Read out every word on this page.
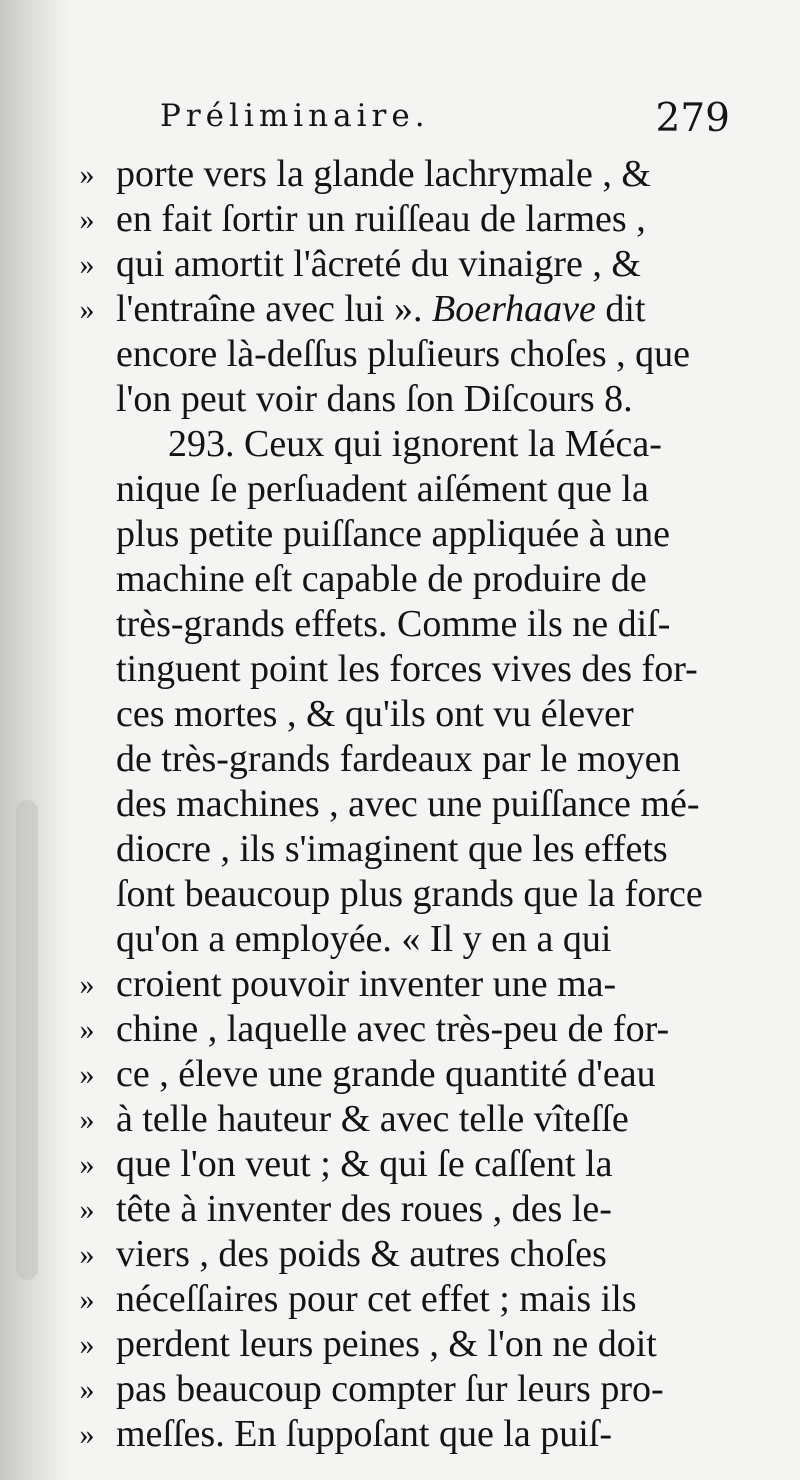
Préliminaire.	279
» porte vers la glande lachrymale , &
» en fait ſortir un ruiſſeau de larmes ,
» qui amortit l'âcreté du vinaigre , &
» l'entraîne avec lui ». Boerhaave dit
encore là-deſſus pluſieurs choſes , que
l'on peut voir dans ſon Diſcours 8.
293. Ceux qui ignorent la Méca-
nique ſe perſuadent aiſément que la
plus petite puiſſance appliquée à une
machine eſt capable de produire de
très-grands effets. Comme ils ne diſ-
tinguent point les forces vives des for-
ces mortes , & qu'ils ont vu élever
de très-grands fardeaux par le moyen
des machines , avec une puiſſance mé-
diocre , ils s'imaginent que les effets
ſont beaucoup plus grands que la force
qu'on a employée. « Il y en a qui
» croient pouvoir inventer une ma-
» chine , laquelle avec très-peu de for-
» ce , éleve une grande quantité d'eau
» à telle hauteur & avec telle vîteſſe
» que l'on veut ; & qui ſe caſſent la
» tête à inventer des roues , des le-
» viers , des poids & autres choſes
» néceſſaires pour cet effet ; mais ils
» perdent leurs peines , & l'on ne doit
» pas beaucoup compter ſur leurs pro-
» meſſes. En ſuppoſant que la puiſ-
